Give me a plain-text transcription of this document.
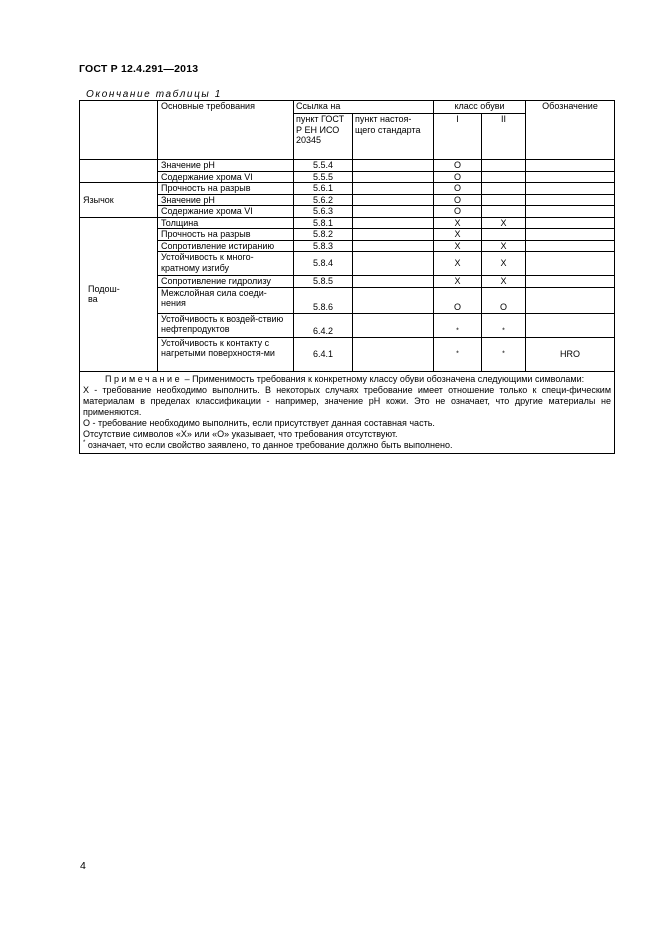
ГОСТ Р 12.4.291—2013
Окончание таблицы 1
	Основные требования	Ссылка на		класс обуви		Обозначение
		пункт ГОСТ Р ЕН ИСО 20345	пункт настоя-щего стандарта	I	II	
	Значение pH	5.5.4		O		
	Содержание хрома VI	5.5.5		O		
Язычок	Прочность на разрыв	5.6.1		O		
	Значение pH	5.6.2		O		
	Содержание хрома VI	5.6.3		O		
Подош-ва	Толщина	5.8.1		X	X	
	Прочность на разрыв	5.8.2		X		
	Сопротивление истиранию	5.8.3		X	X	
	Устойчивость к много-кратному изгибу	5.8.4		X	X	
	Сопротивление гидролизу	5.8.5		X	X	
	Межслойная сила соеди-нения	5.8.6		O	O	
	Устойчивость к воздей-ствию нефтепродуктов	6.4.2		*	*	
	Устойчивость к контакту с нагретыми поверхностя-ми	6.4.1		*	*	HRO

Примечание – Применимость требования к конкретному классу обуви обозначена следующими символами:

X - требование необходимо выполнить. В некоторых случаях требование имеет отношение только к специ-фическим материалам в пределах классификации - например, значение pH кожи. Это не означает, что другие материалы не применяются.

O - требование необходимо выполнить, если присутствует данная составная часть.

Отсутствие символов «X» или «O» указывает, что требования отсутствуют.

* означает, что если свойство заявлено, то данное требование должно быть выполнено.						

4
